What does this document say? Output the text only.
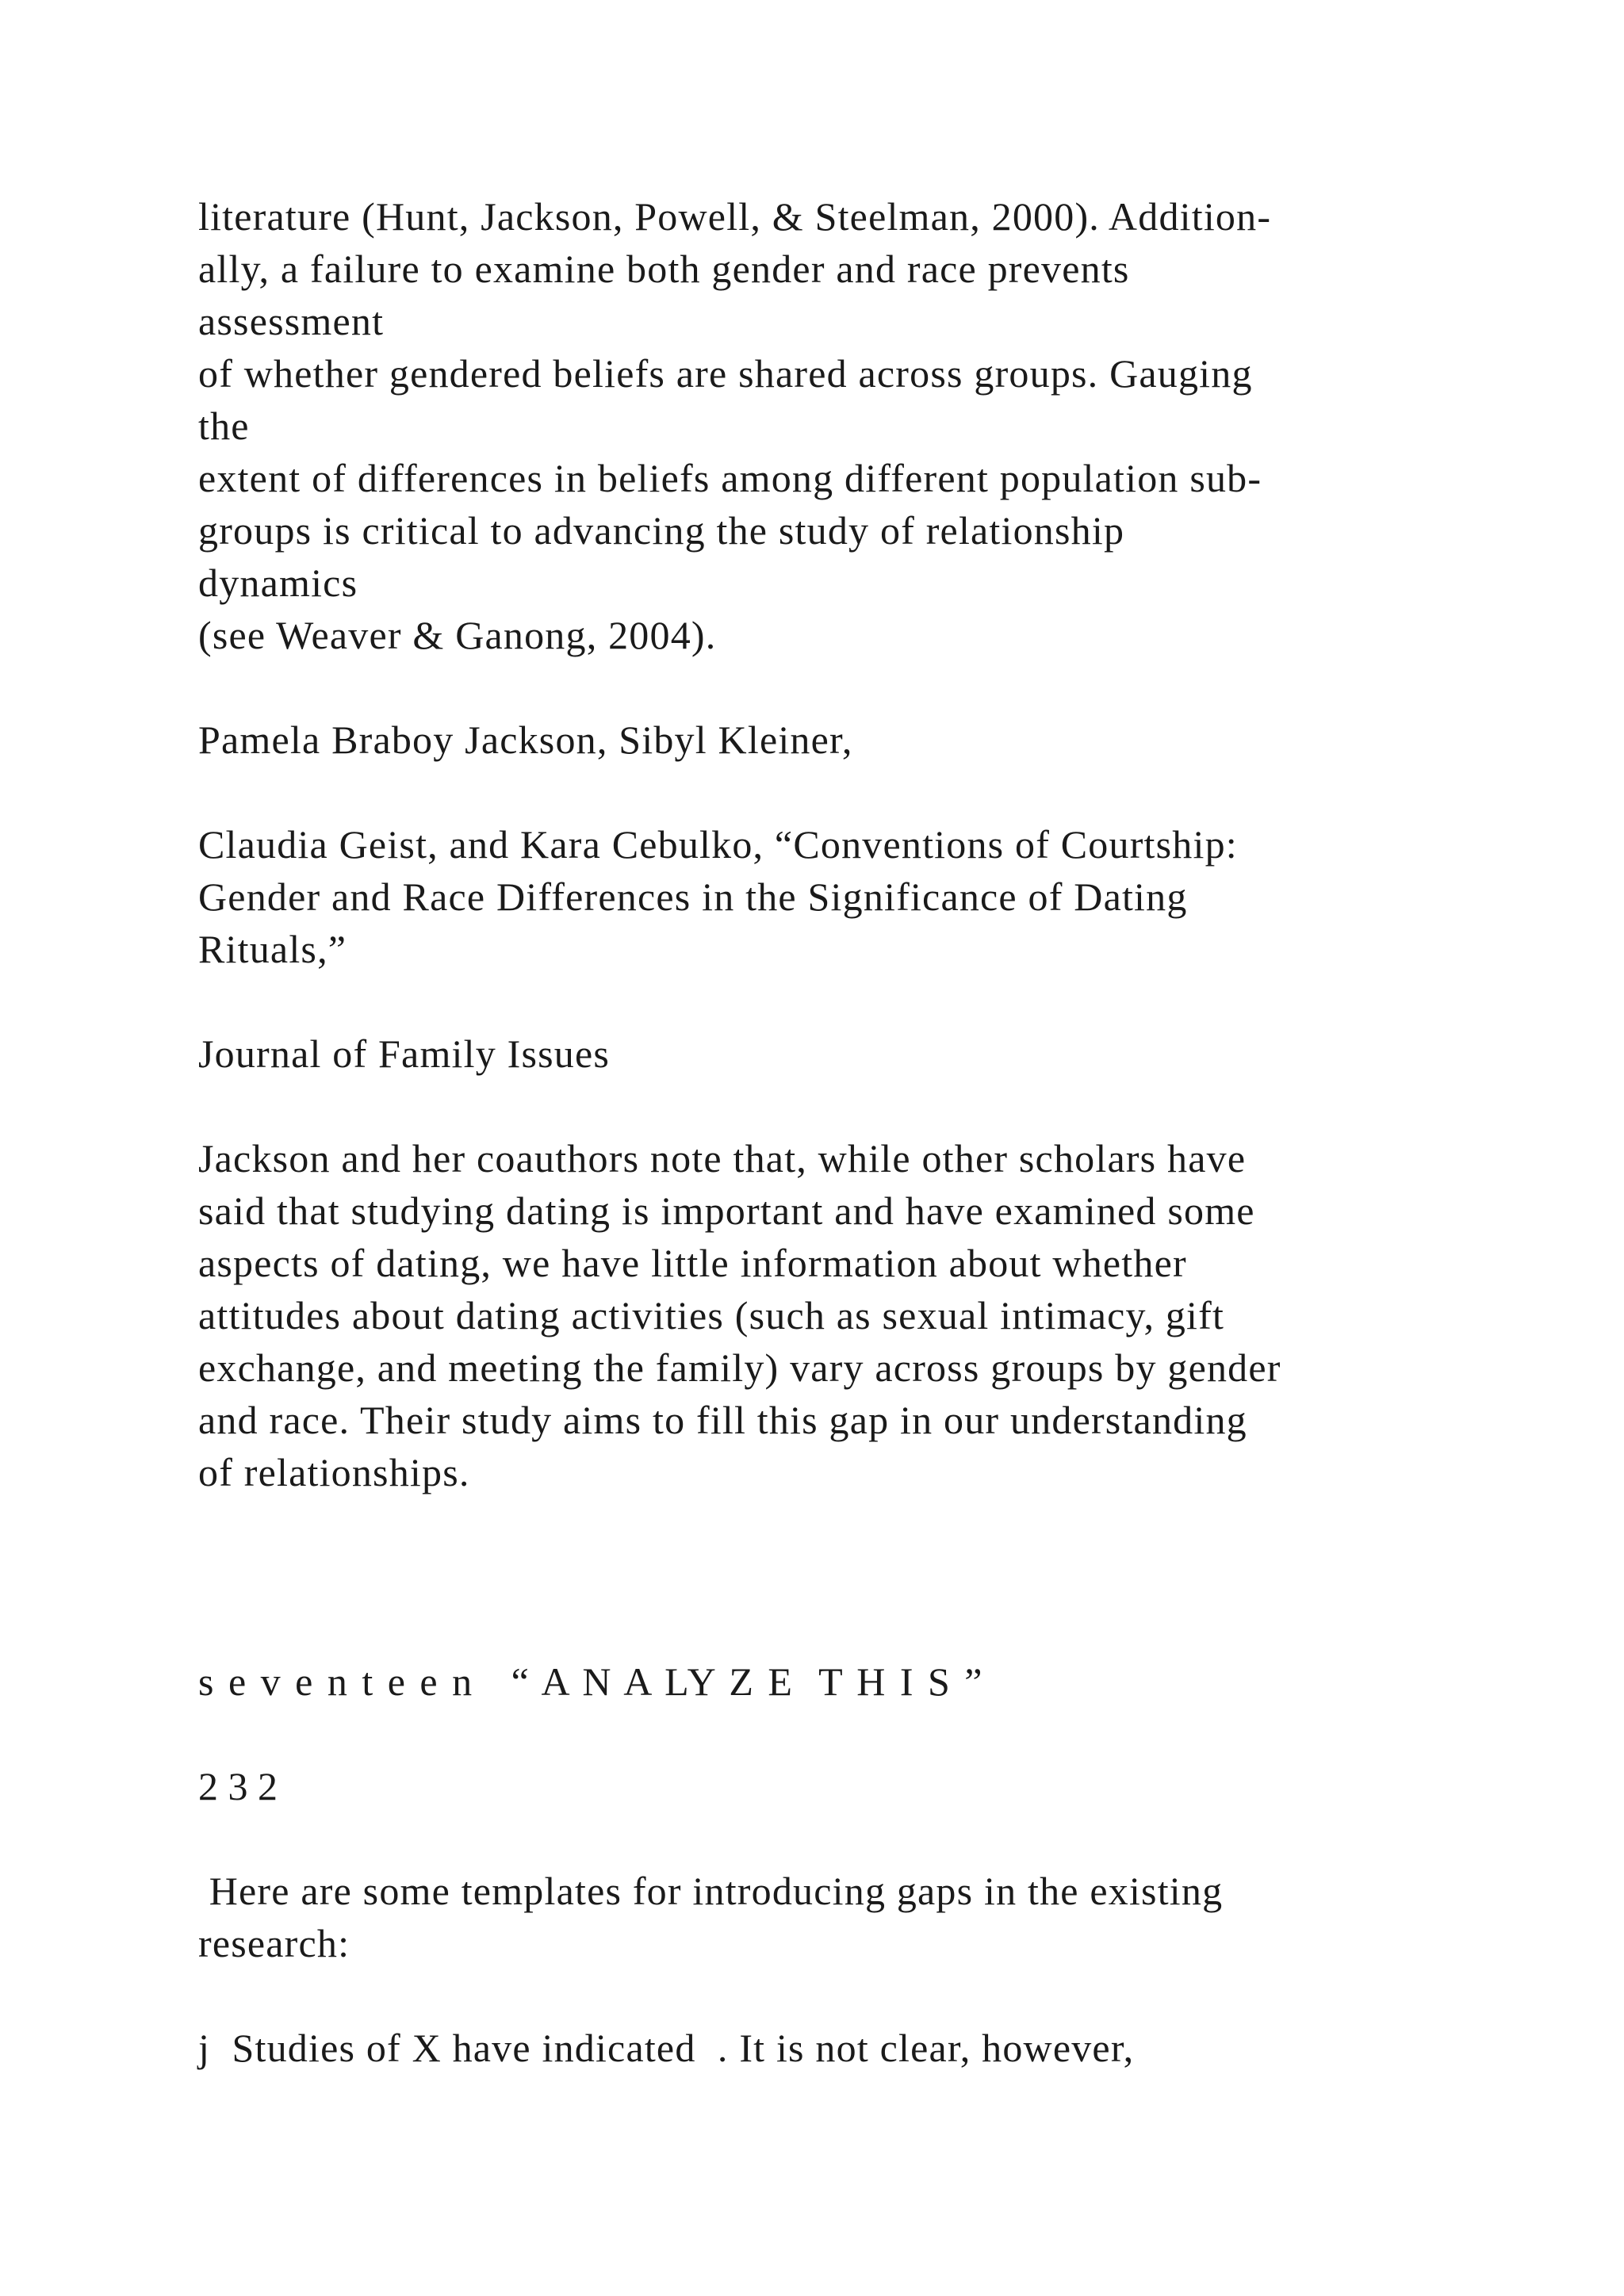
literature (Hunt, Jackson, Powell, & Steelman, 2000). Addition-

ally, a failure to examine both gender and race prevents

assessment

of whether gendered beliefs are shared across groups. Gauging

the

extent of differences in beliefs among different population sub-

groups is critical to advancing the study of relationship

dynamics

(see Weaver & Ganong, 2004).

Pamela Braboy Jackson, Sibyl Kleiner,

Claudia Geist, and Kara Cebulko, “Conventions of Courtship:

Gender and Race Differences in the Significance of Dating

Rituals,”

Journal of Family Issues

Jackson and her coauthors note that, while other scholars have

said that studying dating is important and have examined some

aspects of dating, we have little information about whether

attitudes about dating activities (such as sexual intimacy, gift

exchange, and meeting the family) vary across groups by gender

and race. Their study aims to fill this gap in our understanding

of relationships.

s e v e n t e e n   “ A N A LY Z E  T H I S ”

2 3 2

Here are some templates for introducing gaps in the existing

research:

j  Studies of X have indicated  . It is not clear, however,
